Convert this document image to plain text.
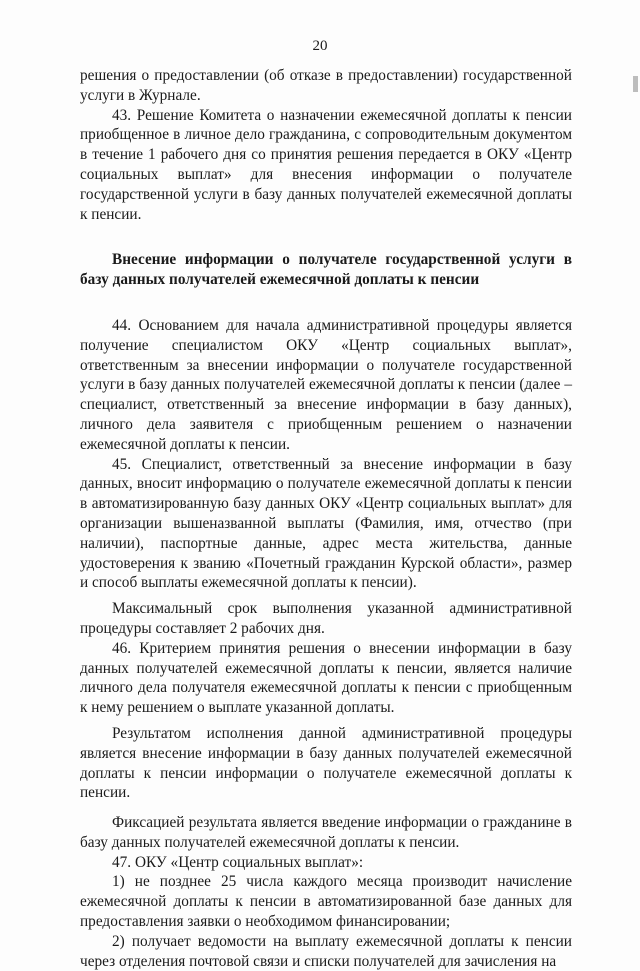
20

решения о предоставлении (об отказе в предоставлении) государственной услуги в Журнале.

43. Решение Комитета о назначении ежемесячной доплаты к пенсии приобщенное в личное дело гражданина, с сопроводительным документом в течение 1 рабочего дня со принятия решения передается в ОКУ «Центр социальных выплат» для внесения информации о получателе государственной услуги в базу данных получателей ежемесячной доплаты к пенсии.

Внесение информации о получателе государственной услуги в базу данных получателей ежемесячной доплаты к пенсии

44. Основанием для начала административной процедуры является получение специалистом ОКУ «Центр социальных выплат», ответственным за внесении информации о получателе государственной услуги в базу данных получателей ежемесячной доплаты к пенсии (далее – специалист, ответственный за внесение информации в базу данных), личного дела заявителя с приобщенным решением о назначении ежемесячной доплаты к пенсии.

45. Специалист, ответственный за внесение информации в базу данных, вносит информацию о получателе ежемесячной доплаты к пенсии в автоматизированную базу данных ОКУ «Центр социальных выплат» для организации вышеназванной выплаты (Фамилия, имя, отчество (при наличии), паспортные данные, адрес места жительства, данные удостоверения к званию «Почетный гражданин Курской области», размер и способ выплаты ежемесячной доплаты к пенсии).

Максимальный срок выполнения указанной административной процедуры составляет 2 рабочих дня.

46. Критерием принятия решения о внесении информации в базу данных получателей ежемесячной доплаты к пенсии, является наличие личного дела получателя ежемесячной доплаты к пенсии с приобщенным к нему решением о выплате указанной доплаты.

Результатом исполнения данной административной процедуры является внесение информации в базу данных получателей ежемесячной доплаты к пенсии информации о получателе ежемесячной доплаты к пенсии.

Фиксацией результата является введение информации о гражданине в базу данных получателей ежемесячной доплаты к пенсии.

47. ОКУ «Центр социальных выплат»:

1) не позднее 25 числа каждого месяца производит начисление ежемесячной доплаты к пенсии в автоматизированной базе данных для предоставления заявки о необходимом финансировании;

2) получает ведомости на выплату ежемесячной доплаты к пенсии через отделения почтовой связи и списки получателей для зачисления на
